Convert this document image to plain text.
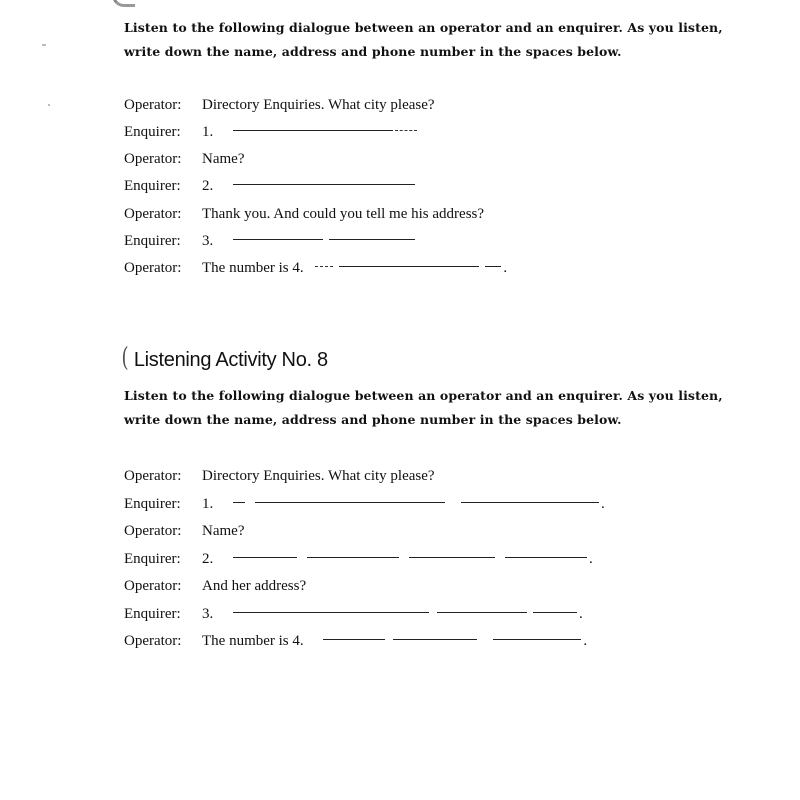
Listen to the following dialogue between an operator and an enquirer. As you listen,
write down the name, address and phone number in the spaces below.
Operator: Directory Enquiries. What city please?
Enquirer: 1.
Operator: Name?
Enquirer: 2.
Operator: Thank you. And could you tell me his address?
Enquirer: 3.
Operator: The number is 4.	.
( Listening Activity No. 8
Listen to the following dialogue between an operator and an enquirer. As you listen,
write down the name, address and phone number in the spaces below.
Operator: Directory Enquiries. What city please?
Enquirer: 1.	.
Operator: Name?
Enquirer: 2.	.
Operator: And her address?
Enquirer: 3.	.
Operator: The number is 4.	.
